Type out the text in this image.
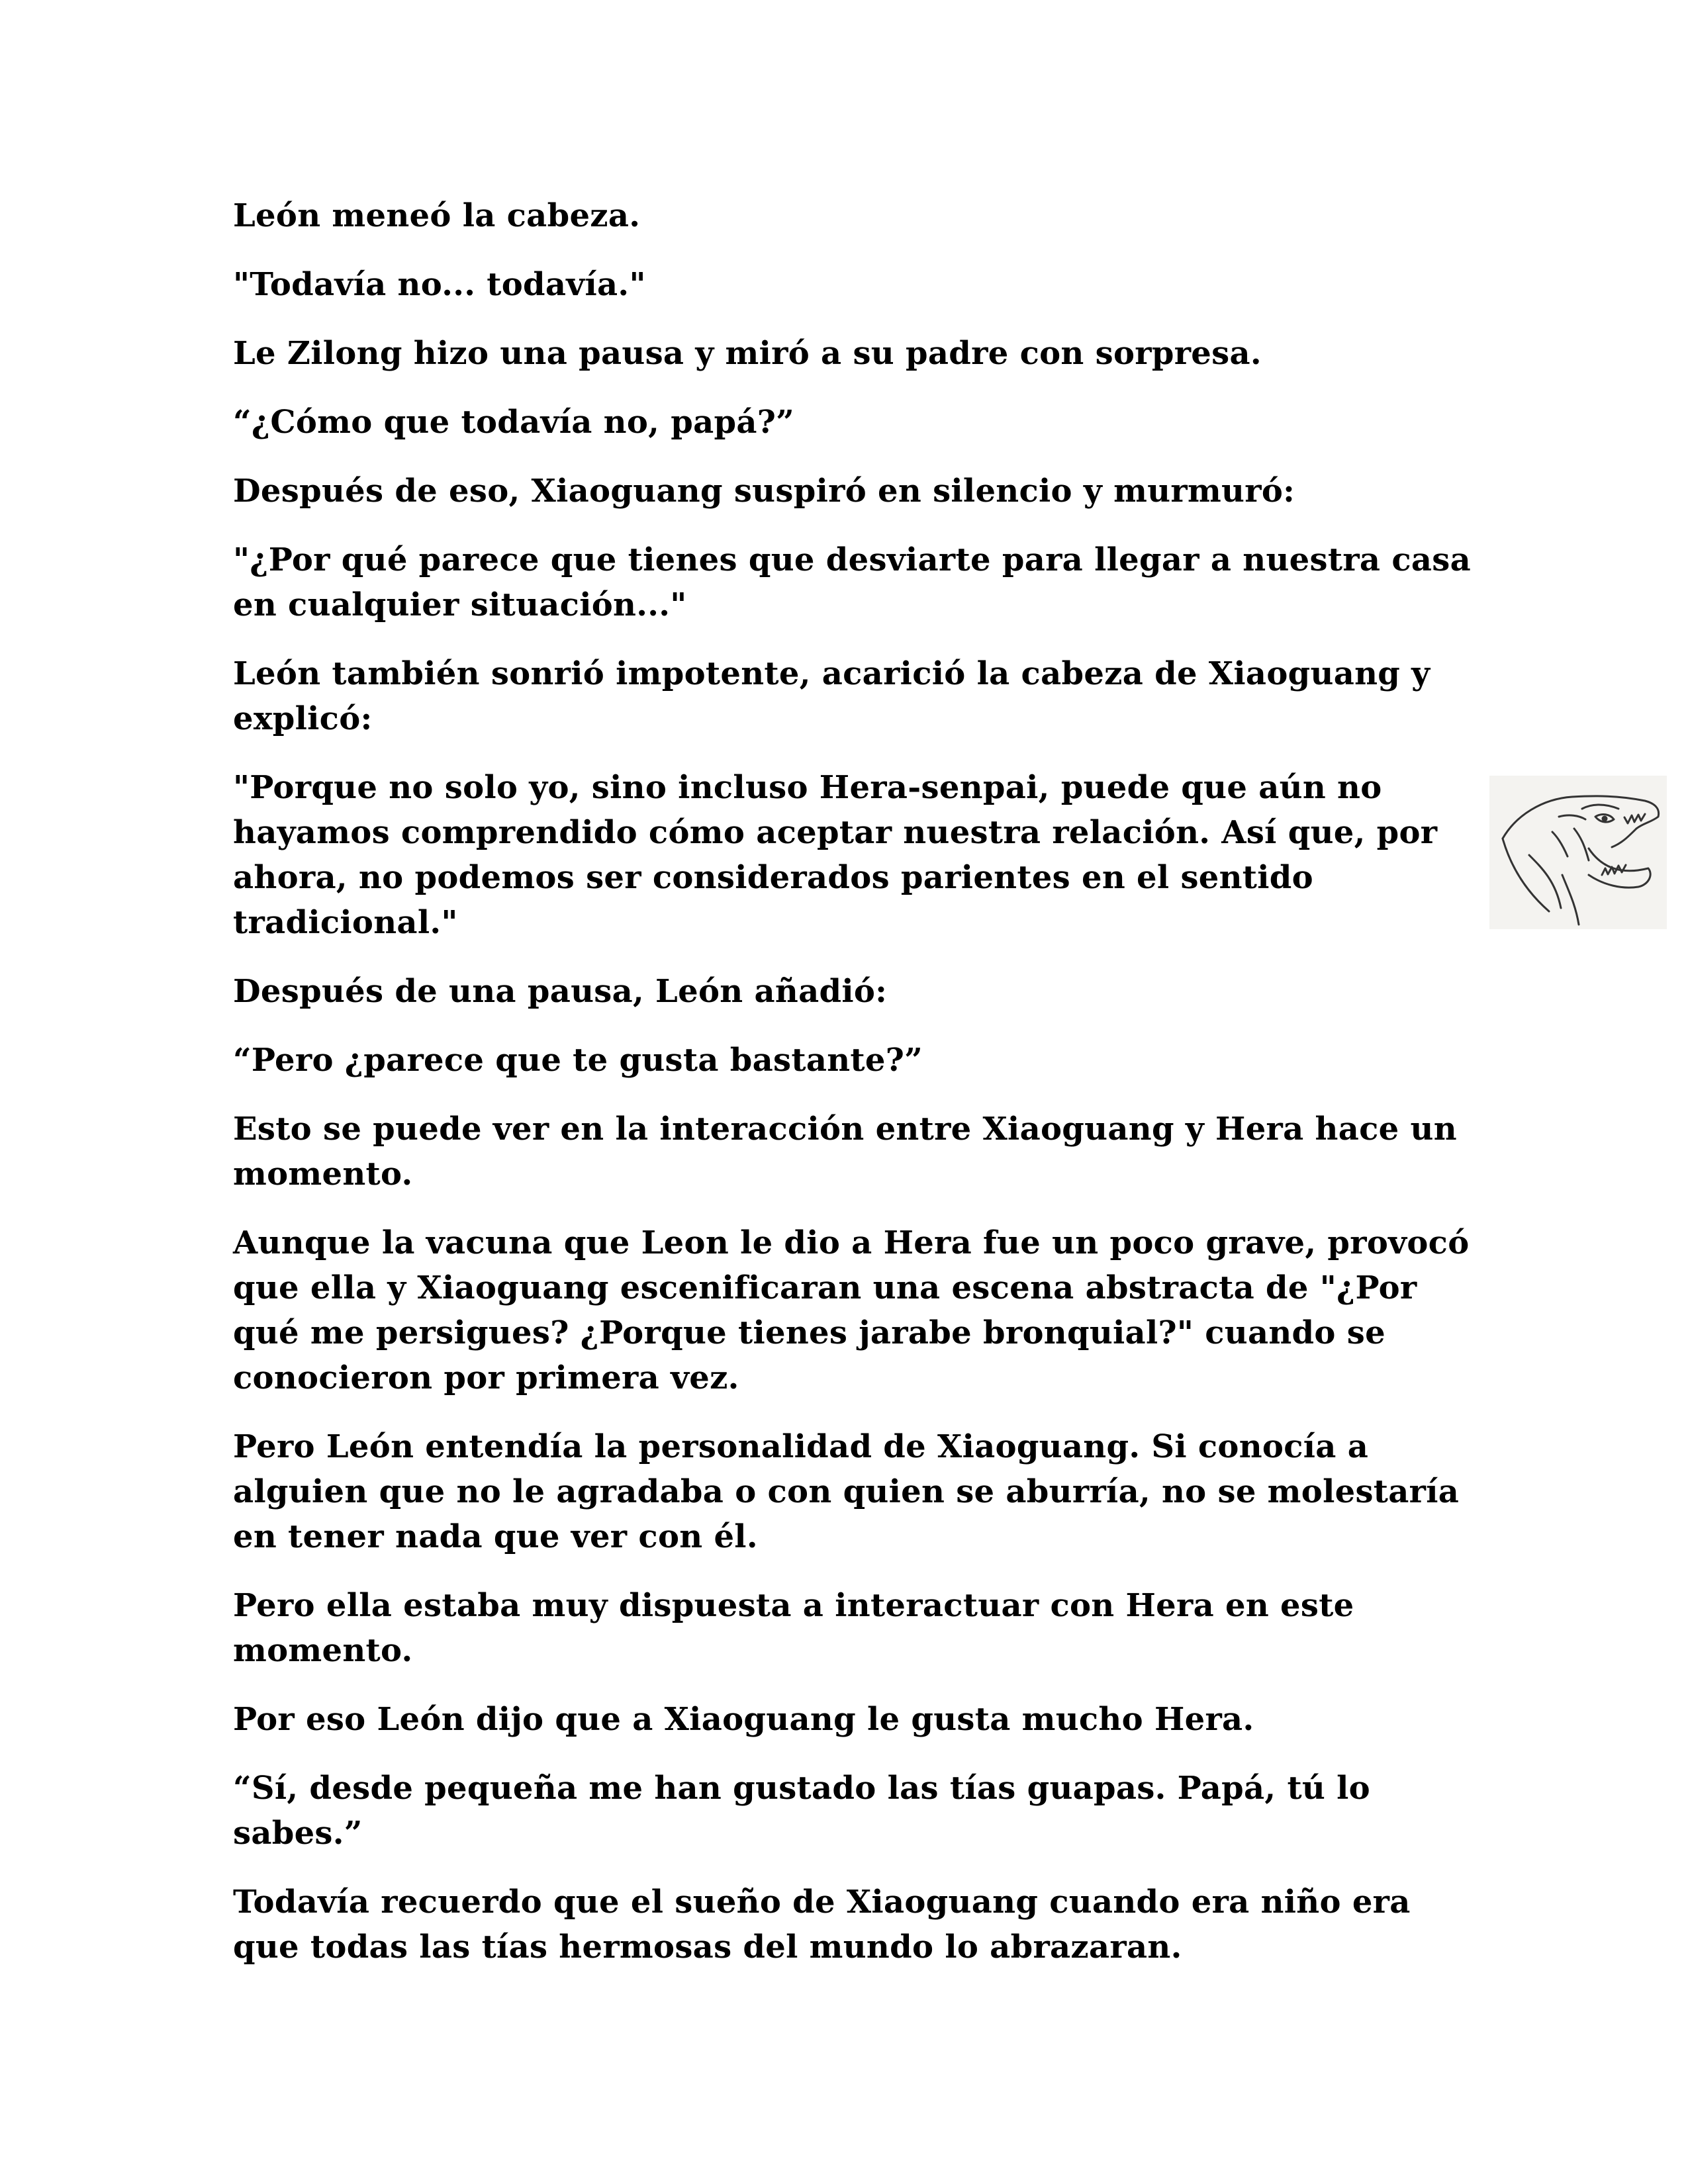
León meneó la cabeza.

"Todavía no... todavía."

Le Zilong hizo una pausa y miró a su padre con sorpresa.

“¿Cómo que todavía no, papá?”

Después de eso, Xiaoguang suspiró en silencio y murmuró:

"¿Por qué parece que tienes que desviarte para llegar a nuestra casa en cualquier situación..."

León también sonrió impotente, acarició la cabeza de Xiaoguang y explicó:

"Porque no solo yo, sino incluso Hera-senpai, puede que aún no hayamos comprendido cómo aceptar nuestra relación. Así que, por ahora, no podemos ser considerados parientes en el sentido tradicional."

Después de una pausa, León añadió:

“Pero ¿parece que te gusta bastante?”

Esto se puede ver en la interacción entre Xiaoguang y Hera hace un momento.

Aunque la vacuna que Leon le dio a Hera fue un poco grave, provocó que ella y Xiaoguang escenificaran una escena abstracta de "¿Por qué me persigues? ¿Porque tienes jarabe bronquial?" cuando se conocieron por primera vez.

Pero León entendía la personalidad de Xiaoguang. Si conocía a alguien que no le agradaba o con quien se aburría, no se molestaría en tener nada que ver con él.

Pero ella estaba muy dispuesta a interactuar con Hera en este momento.

Por eso León dijo que a Xiaoguang le gusta mucho Hera.

“Sí, desde pequeña me han gustado las tías guapas. Papá, tú lo sabes.”

Todavía recuerdo que el sueño de Xiaoguang cuando era niño era que todas las tías hermosas del mundo lo abrazaran.
